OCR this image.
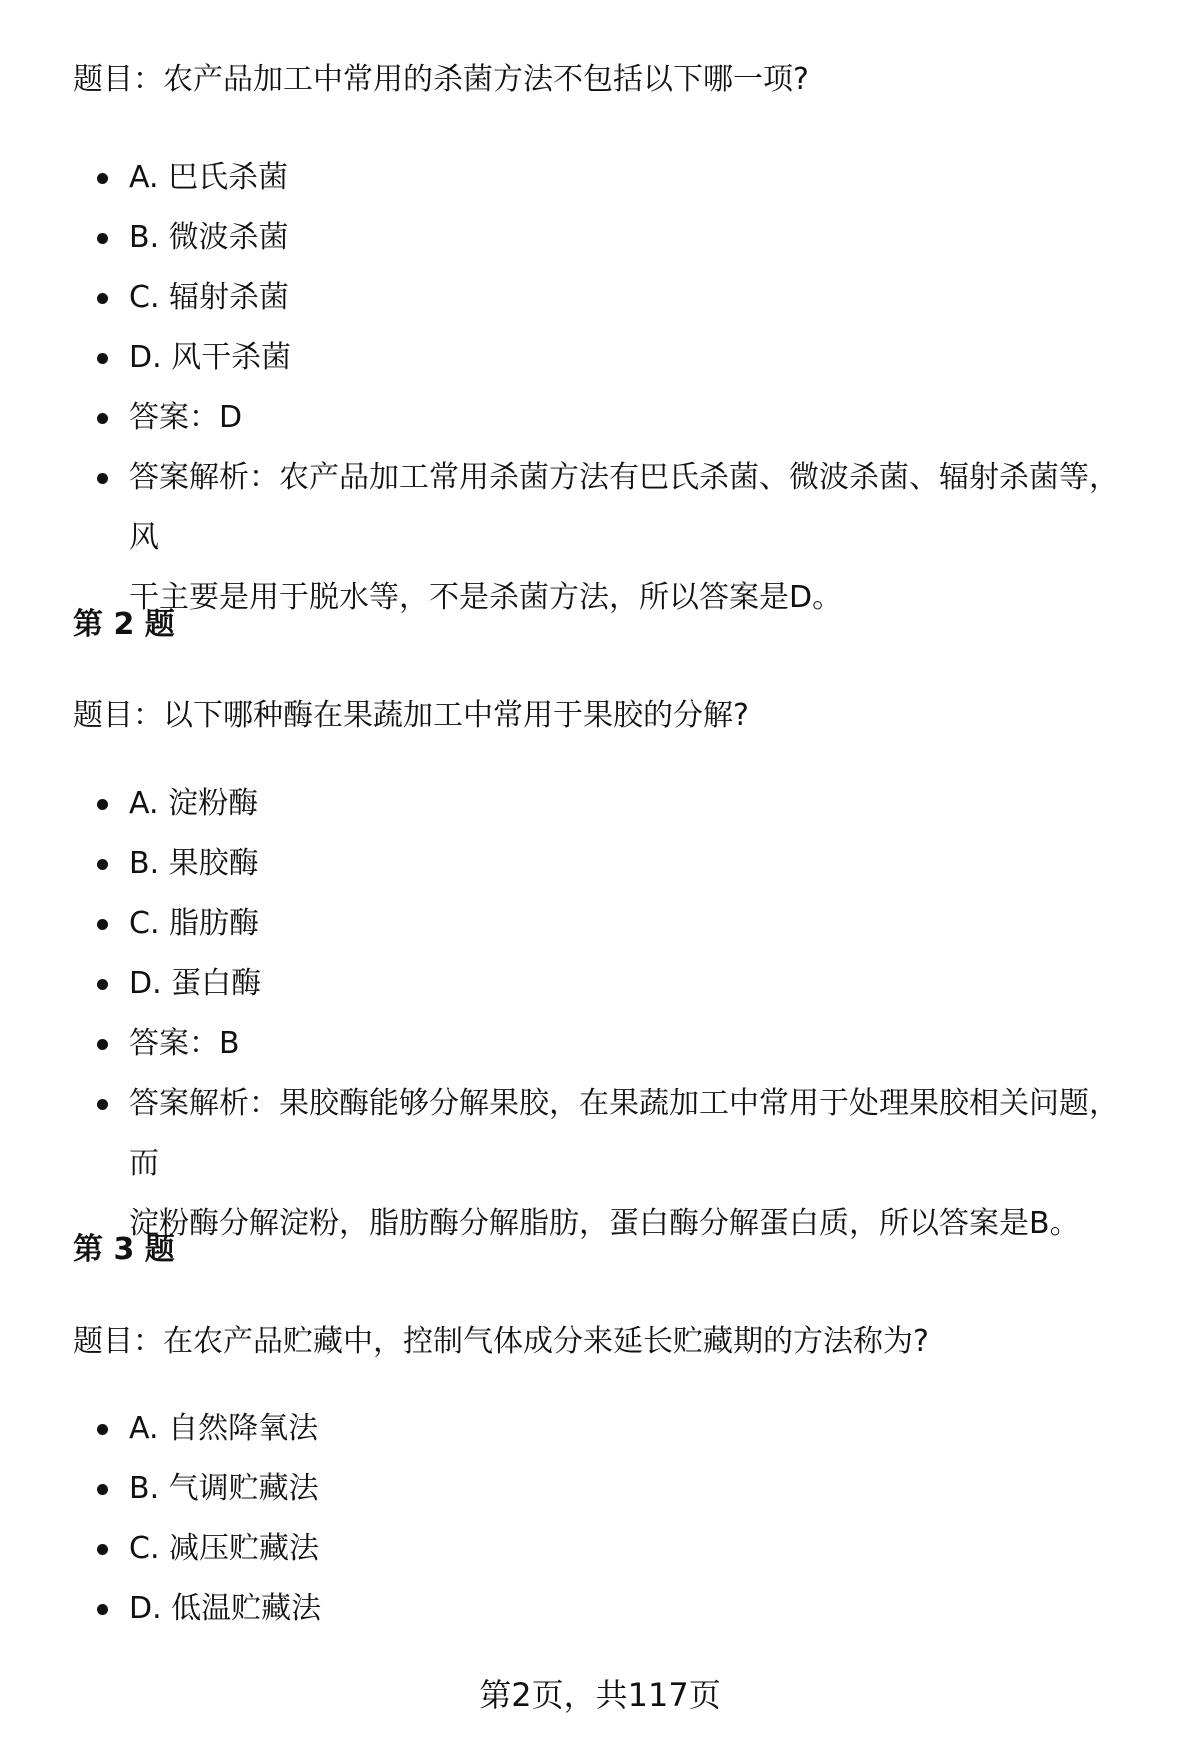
题目：农产品加工中常用的杀菌方法不包括以下哪一项?
A. 巴氏杀菌
B. 微波杀菌
C. 辐射杀菌
D. 风干杀菌
答案：D
答案解析：农产品加工常用杀菌方法有巴氏杀菌、微波杀菌、辐射杀菌等，风
干主要是用于脱水等，不是杀菌方法，所以答案是D。
第 2 题
题目：以下哪种酶在果蔬加工中常用于果胶的分解?
A. 淀粉酶
B. 果胶酶
C. 脂肪酶
D. 蛋白酶
答案：B
答案解析：果胶酶能够分解果胶，在果蔬加工中常用于处理果胶相关问题，而
淀粉酶分解淀粉，脂肪酶分解脂肪，蛋白酶分解蛋白质，所以答案是B。
第 3 题
题目：在农产品贮藏中，控制气体成分来延长贮藏期的方法称为?
A. 自然降氧法
B. 气调贮藏法
C. 减压贮藏法
D. 低温贮藏法
第2页，共117页
